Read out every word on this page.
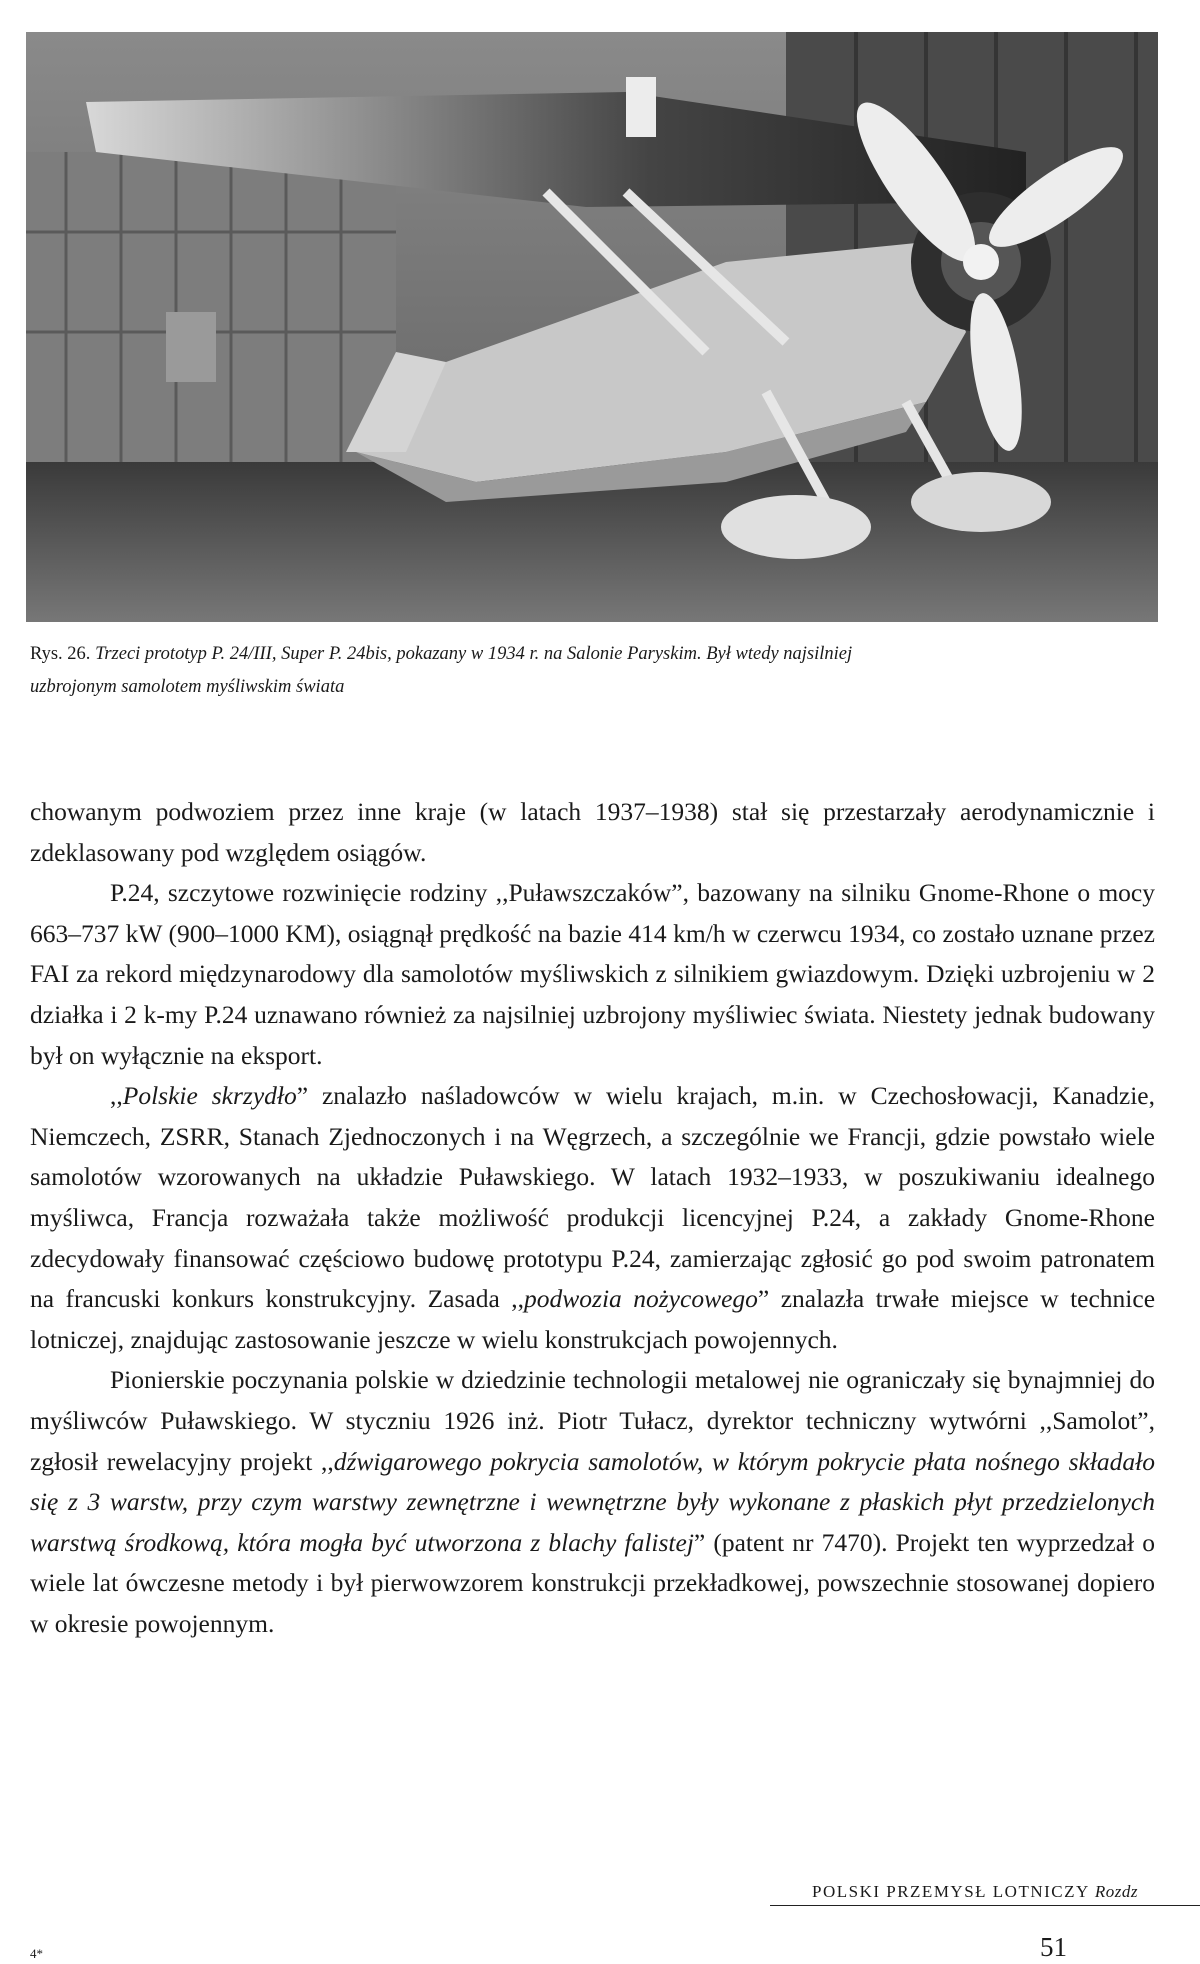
Rys. 26. Trzeci prototyp P. 24/III, Super P. 24bis, pokazany w 1934 r. na Salonie Paryskim. Był wtedy najsilniej
uzbrojonym samolotem myśliwskim świata

chowanym podwoziem przez inne kraje (w latach 1937–1938) stał się przestarzały aerodynamicznie i zdeklasowany pod względem osiągów.

P.24, szczytowe rozwinięcie rodziny ,,Puławszczaków”, bazowany na silniku Gnome-Rhone o mocy 663–737 kW (900–1000 KM), osiągnął prędkość na bazie 414 km/h w czerwcu 1934, co zostało uznane przez FAI za rekord międzynarodowy dla samolotów myśliwskich z silnikiem gwiazdowym. Dzięki uzbrojeniu w 2 działka i 2 k-my P.24 uznawano również za najsilniej uzbrojony myśliwiec świata. Niestety jednak budowany był on wyłącznie na eksport.

,,Polskie skrzydło” znalazło naśladowców w wielu krajach, m.in. w Czechosłowacji, Kanadzie, Niemczech, ZSRR, Stanach Zjednoczonych i na Węgrzech, a szczególnie we Francji, gdzie powstało wiele samolotów wzorowanych na układzie Puławskiego. W latach 1932–1933, w poszukiwaniu idealnego myśliwca, Francja rozważała także możliwość produkcji licencyjnej P.24, a zakłady Gnome-Rhone zdecydowały finansować częściowo budowę prototypu P.24, zamierzając zgłosić go pod swoim patronatem na francuski konkurs konstrukcyjny. Zasada ,,podwozia nożycowego” znalazła trwałe miejsce w technice lotniczej, znajdując zastosowanie jeszcze w wielu konstrukcjach powojennych.

Pionierskie poczynania polskie w dziedzinie technologii metalowej nie ograniczały się bynajmniej do myśliwców Puławskiego. W styczniu 1926 inż. Piotr Tułacz, dyrektor techniczny wytwórni ,,Samolot”, zgłosił rewelacyjny projekt ,,dźwigarowego pokrycia samolotów, w którym pokrycie płata nośnego składało się z 3 warstw, przy czym warstwy zewnętrzne i wewnętrzne były wykonane z płaskich płyt przedzielonych warstwą środkową, która mogła być utworzona z blachy falistej” (patent nr 7470). Projekt ten wyprzedzał o wiele lat ówczesne metody i był pierwowzorem konstrukcji przekładkowej, powszechnie stosowanej dopiero w okresie powojennym.

POLSKI PRZEMYSŁ LOTNICZY Rozdz
4*	51
